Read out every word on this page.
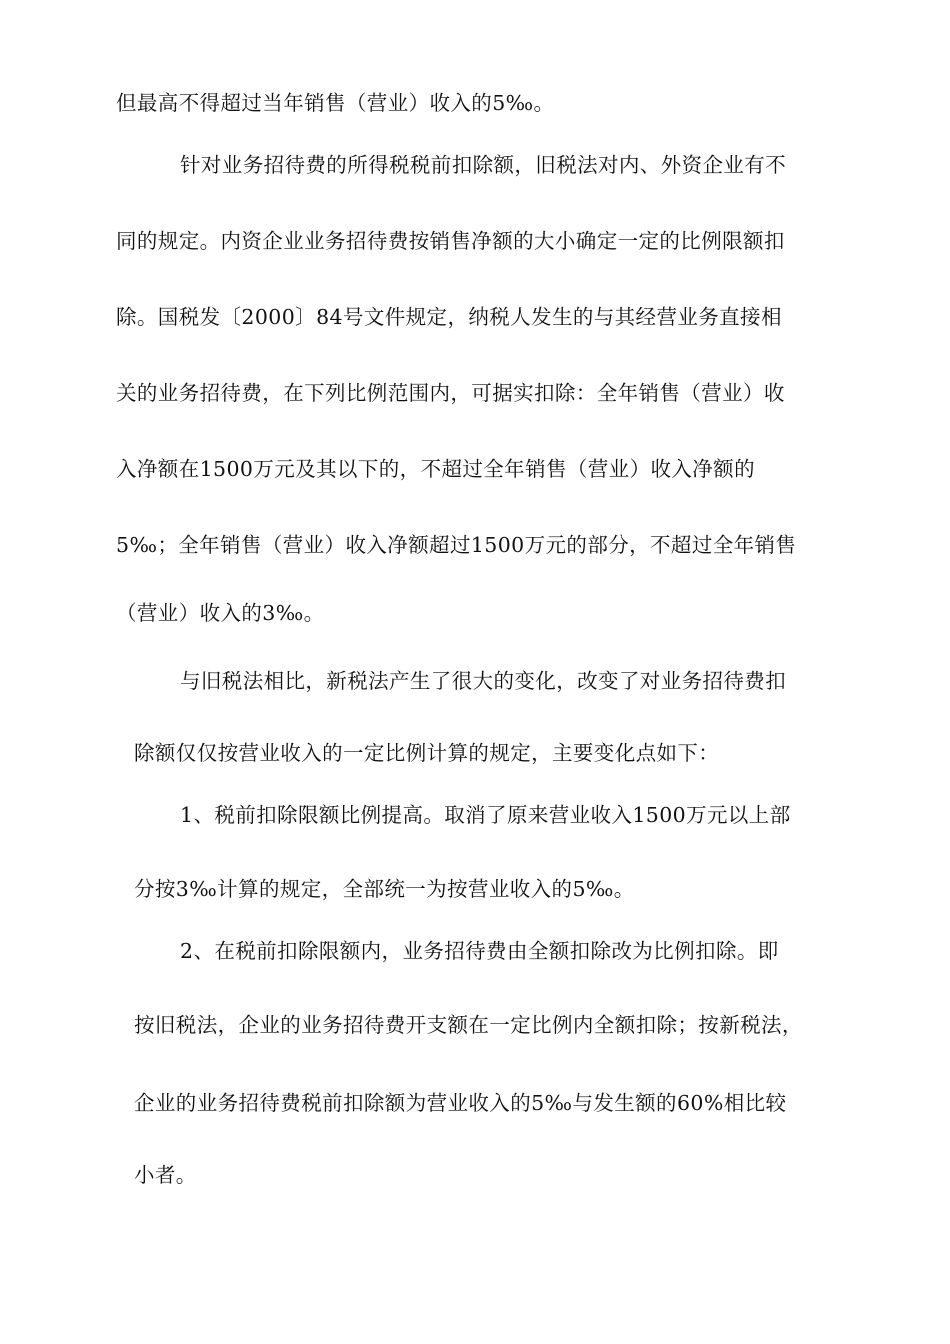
但最高不得超过当年销售（营业）收入的5‰。

针对业务招待费的所得税税前扣除额，旧税法对内、外资企业有不

同的规定。内资企业业务招待费按销售净额的大小确定一定的比例限额扣

除。国税发〔2000〕84号文件规定，纳税人发生的与其经营业务直接相

关的业务招待费，在下列比例范围内，可据实扣除：全年销售（营业）收

入净额在1500万元及其以下的，不超过全年销售（营业）收入净额的

5‰；全年销售（营业）收入净额超过1500万元的部分，不超过全年销售

（营业）收入的3‰。

与旧税法相比，新税法产生了很大的变化，改变了对业务招待费扣

除额仅仅按营业收入的一定比例计算的规定，主要变化点如下：

1、税前扣除限额比例提高。取消了原来营业收入1500万元以上部

分按3‰计算的规定，全部统一为按营业收入的5‰。

2、在税前扣除限额内，业务招待费由全额扣除改为比例扣除。即

按旧税法，企业的业务招待费开支额在一定比例内全额扣除；按新税法，

企业的业务招待费税前扣除额为营业收入的5‰与发生额的60%相比较

小者。
